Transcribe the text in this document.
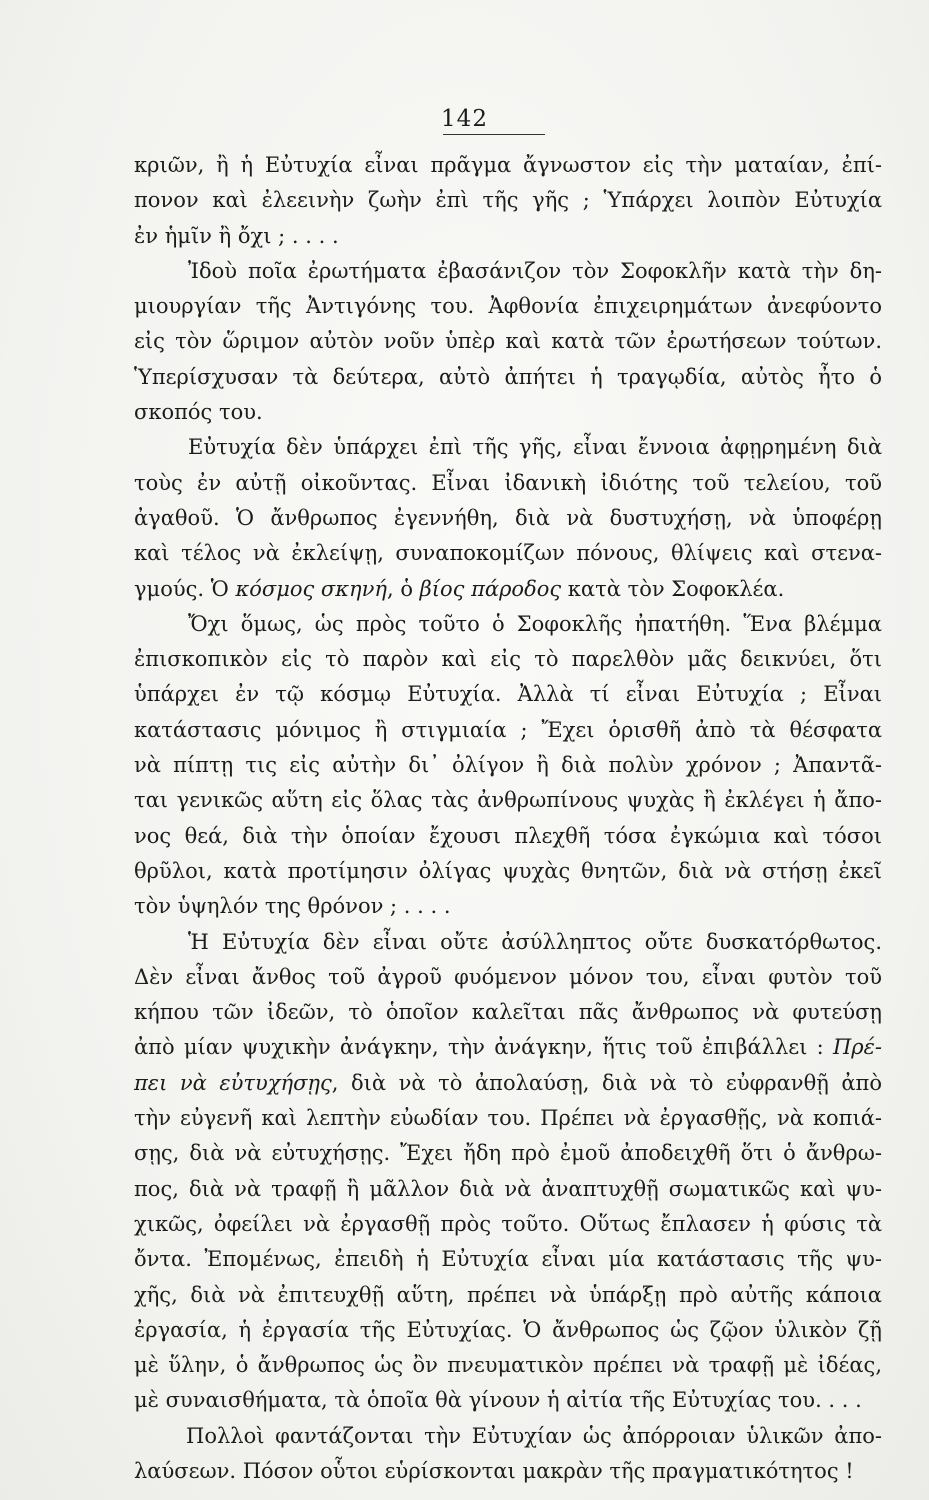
142
κριῶν, ἢ ἡ Εὐτυχία εἶναι πρᾶγμα ἄγνωστον εἰς τὴν ματαίαν, ἐπί-
πονον καὶ ἐλεεινὴν ζωὴν ἐπὶ τῆς γῆς ; Ὑπάρχει λοιπὸν Εὐτυχία
ἐν ἡμῖν ἢ ὄχι ; . . . .
Ἰδοὺ ποῖα ἐρωτήματα ἐβασάνιζον τὸν Σοφοκλῆν κατὰ τὴν δη-
μιουργίαν τῆς Ἀντιγόνης του. Ἀφθονία ἐπιχειρημάτων ἀνεφύοντο
εἰς τὸν ὥριμον αὐτὸν νοῦν ὑπὲρ καὶ κατὰ τῶν ἐρωτήσεων τούτων.
Ὑπερίσχυσαν τὰ δεύτερα, αὐτὸ ἀπήτει ἡ τραγῳδία, αὐτὸς ἦτο ὁ
σκοπός του.
Εὐτυχία δὲν ὑπάρχει ἐπὶ τῆς γῆς, εἶναι ἔννοια ἀφῃρημένη διὰ
τοὺς ἐν αὐτῇ οἰκοῦντας. Εἶναι ἰδανικὴ ἰδιότης τοῦ τελείου, τοῦ
ἀγαθοῦ. Ὁ ἄνθρωπος ἐγεννήθη, διὰ νὰ δυστυχήσῃ, νὰ ὑποφέρῃ
καὶ τέλος νὰ ἐκλείψῃ, συναποκομίζων πόνους, θλίψεις καὶ στενα-
γμούς. Ὁ κόσμος σκηνή, ὁ βίος πάροδος κατὰ τὸν Σοφοκλέα.
Ὄχι ὅμως, ὡς πρὸς τοῦτο ὁ Σοφοκλῆς ἠπατήθη. Ἕνα βλέμμα
ἐπισκοπικὸν εἰς τὸ παρὸν καὶ εἰς τὸ παρελθὸν μᾶς δεικνύει, ὅτι
ὑπάρχει ἐν τῷ κόσμῳ Εὐτυχία. Ἀλλὰ τί εἶναι Εὐτυχία ; Εἶναι
κατάστασις μόνιμος ἢ στιγμιαία ; Ἔχει ὁρισθῆ ἀπὸ τὰ θέσφατα
νὰ πίπτῃ τις εἰς αὐτὴν δι᾽ ὀλίγον ἢ διὰ πολὺν χρόνον ; Ἀπαντᾶ-
ται γενικῶς αὕτη εἰς ὅλας τὰς ἀνθρωπίνους ψυχὰς ἢ ἐκλέγει ἡ ἄπο-
νος θεά, διὰ τὴν ὁποίαν ἔχουσι πλεχθῆ τόσα ἐγκώμια καὶ τόσοι
θρῦλοι, κατὰ προτίμησιν ὀλίγας ψυχὰς θνητῶν, διὰ νὰ στήσῃ ἐκεῖ
τὸν ὑψηλόν της θρόνον ; . . . .
Ἡ Εὐτυχία δὲν εἶναι οὔτε ἀσύλληπτος οὔτε δυσκατόρθωτος.
Δὲν εἶναι ἄνθος τοῦ ἀγροῦ φυόμενον μόνον του, εἶναι φυτὸν τοῦ
κήπου τῶν ἰδεῶν, τὸ ὁποῖον καλεῖται πᾶς ἄνθρωπος νὰ φυτεύσῃ
ἀπὸ μίαν ψυχικὴν ἀνάγκην, τὴν ἀνάγκην, ἥτις τοῦ ἐπιβάλλει : Πρέ-
πει νὰ εὐτυχήσῃς, διὰ νὰ τὸ ἀπολαύσῃ, διὰ νὰ τὸ εὐφρανθῇ ἀπὸ
τὴν εὐγενῆ καὶ λεπτὴν εὐωδίαν του. Πρέπει νὰ ἐργασθῇς, νὰ κοπιά-
σῃς, διὰ νὰ εὐτυχήσῃς. Ἔχει ἤδη πρὸ ἐμοῦ ἀποδειχθῆ ὅτι ὁ ἄνθρω-
πος, διὰ νὰ τραφῇ ἢ μᾶλλον διὰ νὰ ἀναπτυχθῇ σωματικῶς καὶ ψυ-
χικῶς, ὀφείλει νὰ ἐργασθῇ πρὸς τοῦτο. Οὕτως ἔπλασεν ἡ φύσις τὰ
ὄντα. Ἐπομένως, ἐπειδὴ ἡ Εὐτυχία εἶναι μία κατάστασις τῆς ψυ-
χῆς, διὰ νὰ ἐπιτευχθῇ αὕτη, πρέπει νὰ ὑπάρξῃ πρὸ αὐτῆς κάποια
ἐργασία, ἡ ἐργασία τῆς Εὐτυχίας. Ὁ ἄνθρωπος ὡς ζῷον ὑλικὸν ζῇ
μὲ ὕλην, ὁ ἄνθρωπος ὡς ὂν πνευματικὸν πρέπει νὰ τραφῇ μὲ ἰδέας,
μὲ συναισθήματα, τὰ ὁποῖα θὰ γίνουν ἡ αἰτία τῆς Εὐτυχίας του. . . .
Πολλοὶ φαντάζονται τὴν Εὐτυχίαν ὡς ἀπόρροιαν ὑλικῶν ἀπο-
λαύσεων. Πόσον οὗτοι εὑρίσκονται μακρὰν τῆς πραγματικότητος !
